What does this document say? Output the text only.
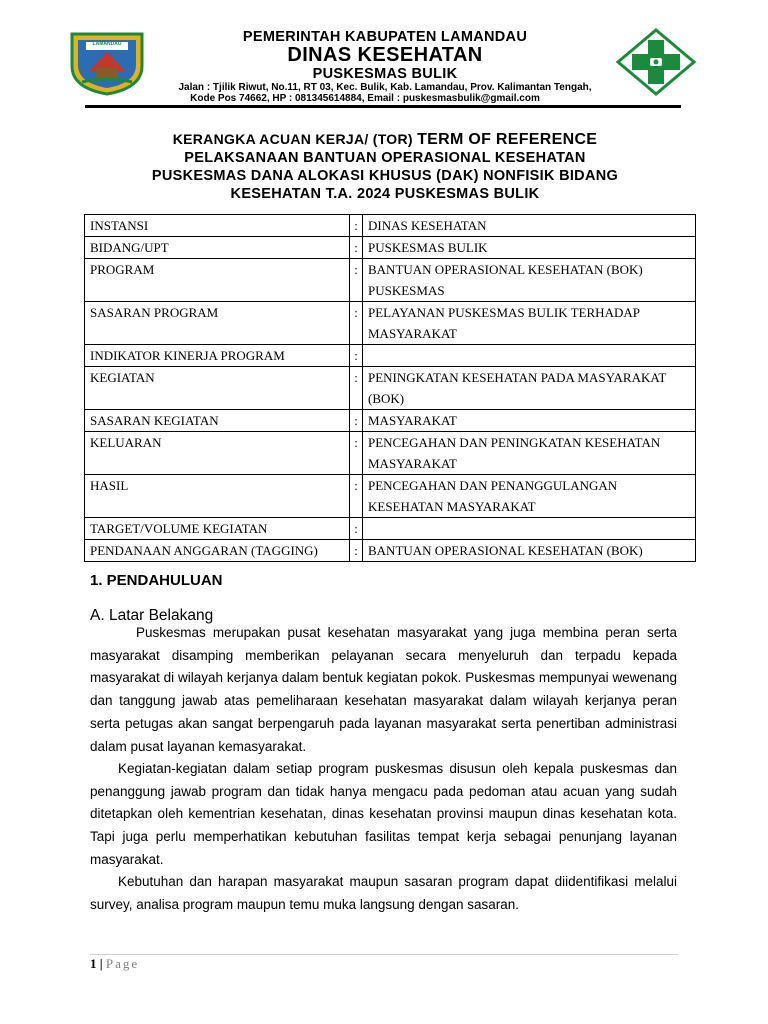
LAMANDAU	PEMERINTAH KABUPATEN LAMANDAU
DINAS KESEHATAN
PUSKESMAS BULIK
Jalan : Tjilik Riwut, No.11, RT 03, Kec. Bulik, Kab. Lamandau, Prov. Kalimantan Tengah,
Kode Pos 74662, HP : 081345614884, Email : puskesmasbulik@gmail.com
KERANGKA ACUAN KERJA/ (TOR) TERM OF REFERENCE
PELAKSANAAN BANTUAN OPERASIONAL KESEHATAN
PUSKESMAS DANA ALOKASI KHUSUS (DAK) NONFISIK BIDANG
KESEHATAN T.A. 2024 PUSKESMAS BULIK
INSTANSI	:	DINAS KESEHATAN
BIDANG/UPT	:	PUSKESMAS BULIK
PROGRAM	:	BANTUAN OPERASIONAL KESEHATAN (BOK) PUSKESMAS
SASARAN PROGRAM	:	PELAYANAN PUSKESMAS BULIK TERHADAP MASYARAKAT
INDIKATOR KINERJA PROGRAM	:	
KEGIATAN	:	PENINGKATAN KESEHATAN PADA MASYARAKAT (BOK)
SASARAN KEGIATAN	:	MASYARAKAT
KELUARAN	:	PENCEGAHAN DAN PENINGKATAN KESEHATAN MASYARAKAT
HASIL	:	PENCEGAHAN DAN PENANGGULANGAN KESEHATAN MASYARAKAT
TARGET/VOLUME KEGIATAN	:	
PENDANAAN ANGGARAN (TAGGING)	:	BANTUAN OPERASIONAL KESEHATAN (BOK)
1. PENDAHULUAN
A. Latar Belakang
Puskesmas merupakan pusat kesehatan masyarakat yang juga membina peran serta masyarakat disamping memberikan pelayanan secara menyeluruh dan terpadu kepada masyarakat di wilayah kerjanya dalam bentuk kegiatan pokok. Puskesmas mempunyai wewenang dan tanggung jawab atas pemeliharaan kesehatan masyarakat dalam wilayah kerjanya peran serta petugas akan sangat berpengaruh pada layanan masyarakat serta penertiban administrasi dalam pusat layanan kemasyarakat.
Kegiatan-kegiatan dalam setiap program puskesmas disusun oleh kepala puskesmas dan penanggung jawab program dan tidak hanya mengacu pada pedoman atau acuan yang sudah ditetapkan oleh kementrian kesehatan, dinas kesehatan provinsi maupun dinas kesehatan kota. Tapi juga perlu memperhatikan kebutuhan fasilitas tempat kerja sebagai penunjang layanan masyarakat.
Kebutuhan dan harapan masyarakat maupun sasaran program dapat diidentifikasi melalui survey, analisa program maupun temu muka langsung dengan sasaran.
1 | Page
